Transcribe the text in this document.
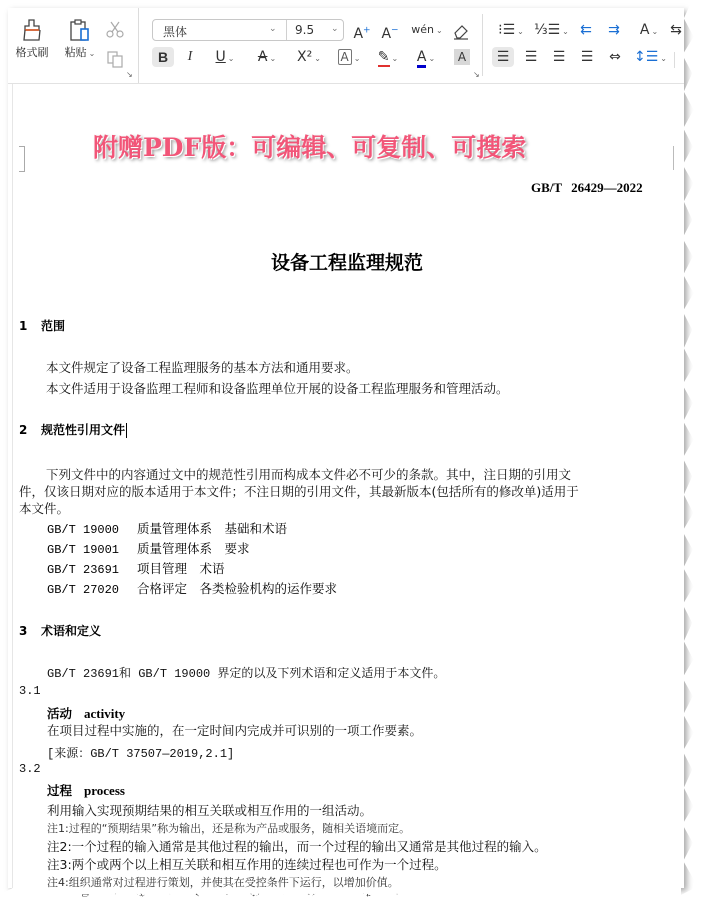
格式刷	粘贴 ⌄
↘
黑体	⌄ 9.5 ⌄ A+ A− wén ⌄
B	I	U ⌄	A ⌄	X² ⌄	A ⌄	✎ ⌄	A ⌄	A
↘
⁝☰ ⌄ ⅓☰ ⌄ ⇇ ⇉	A ⌄ ⇆
☰	☰	☰	☰	⇔ ↕☰ ⌄
附赠PDF版：可编辑、可复制、可搜索
GB/T 26429—2022
设备工程监理规范
1 范围
本文件规定了设备工程监理服务的基本方法和通用要求。
本文件适用于设备监理工程师和设备监理单位开展的设备工程监理服务和管理活动。
2 规范性引用文件
下列文件中的内容通过文中的规范性引用而构成本文件必不可少的条款。其中，注日期的引用文
件，仅该日期对应的版本适用于本文件；不注日期的引用文件，其最新版本(包括所有的修改单)适用于
本文件。
GB/T 19000 质量管理体系　基础和术语
GB/T 19001 质量管理体系　要求
GB/T 23691 项目管理　术语
GB/T 27020 合格评定　各类检验机构的运作要求
3 术语和定义
GB/T 23691和 GB/T 19000 界定的以及下列术语和定义适用于本文件。
3.1
活动 activity
在项目过程中实施的，在一定时间内完成并可识别的一项工作要素。
[来源：GB/T 37507—2019,2.1]
3.2
过程 process
利用输入实现预期结果的相互关联或相互作用的一组活动。
注1:过程的“预期结果”称为输出，还是称为产品或服务，随相关语境而定。
注2:一个过程的输入通常是其他过程的输出，而一个过程的输出又通常是其他过程的输入。
注3:两个或两个以上相互关联和相互作用的连续过程也可作为一个过程。
注4:组织通常对过程进行策划，并使其在受控条件下运行，以增加价值。
